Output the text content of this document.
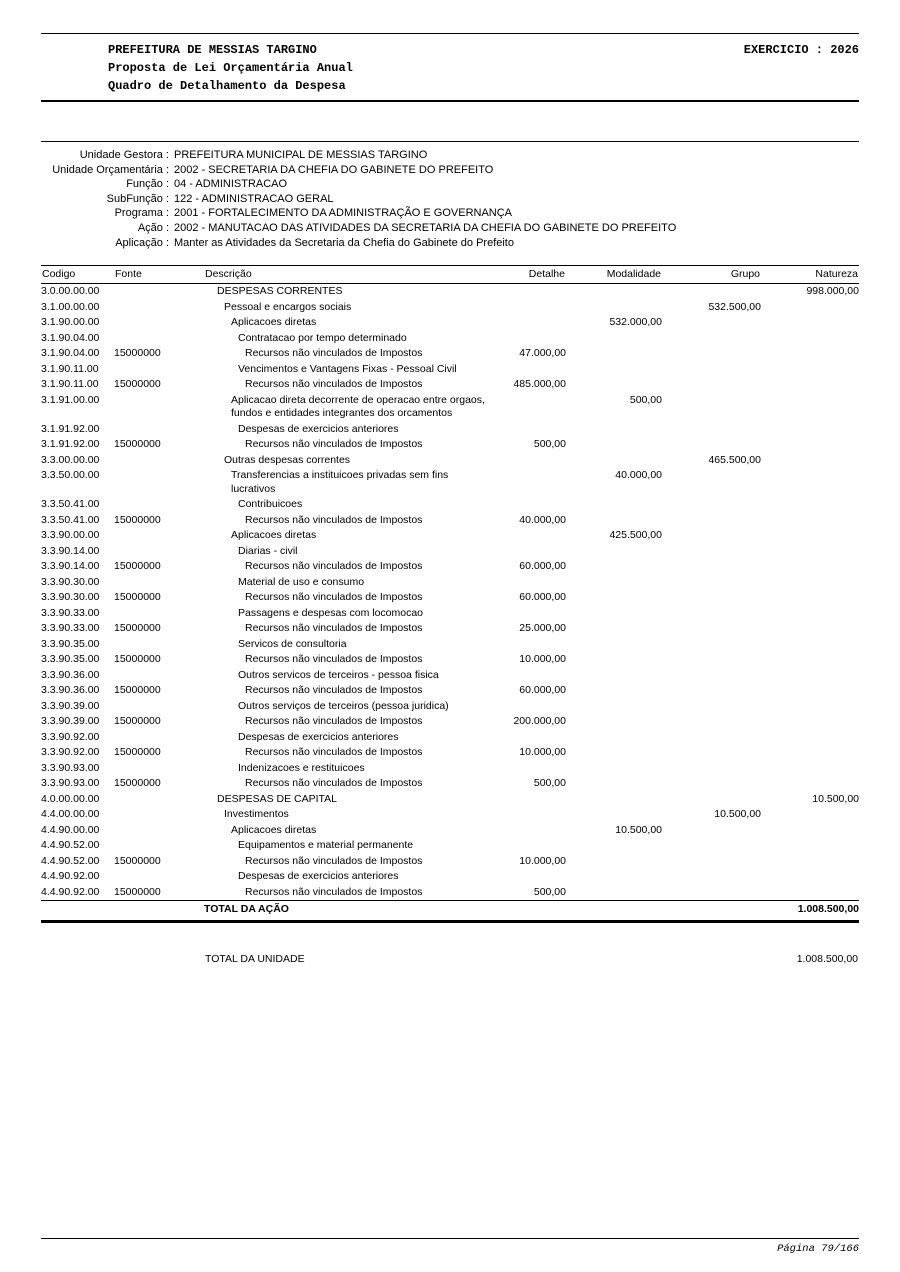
PREFEITURA DE MESSIAS TARGINO	EXERCICIO : 2026
Proposta de Lei Orçamentária Anual
Quadro de Detalhamento da Despesa
Unidade Gestora : PREFEITURA MUNICIPAL DE MESSIAS TARGINO
Unidade Orçamentária : 2002 - SECRETARIA DA CHEFIA DO GABINETE DO PREFEITO
Função : 04 - ADMINISTRACAO
SubFunção : 122 - ADMINISTRACAO GERAL
Programa : 2001 - FORTALECIMENTO DA ADMINISTRAÇÃO E GOVERNANÇA
Ação : 2002 - MANUTACAO DAS ATIVIDADES DA SECRETARIA DA CHEFIA DO GABINETE DO PREFEITO
Aplicação : Manter as Atividades da Secretaria da Chefia do Gabinete do Prefeito
Codigo	Fonte	Descrição	Detalhe	Modalidade	Grupo	Natureza
3.0.00.00.00		DESPESAS CORRENTES				998.000,00
3.1.00.00.00		Pessoal e encargos sociais			532.500,00	
3.1.90.00.00		Aplicacoes diretas		532.000,00		
3.1.90.04.00		Contratacao por tempo determinado				
3.1.90.04.00	15000000	Recursos não vinculados de Impostos	47.000,00			
3.1.90.11.00		Vencimentos e Vantagens Fixas - Pessoal Civil				
3.1.90.11.00	15000000	Recursos não vinculados de Impostos	485.000,00			
3.1.91.00.00		Aplicacao direta decorrente de operacao entre orgaos, fundos e entidades integrantes dos orcamentos		500,00		
3.1.91.92.00		Despesas de exercicios anteriores				
3.1.91.92.00	15000000	Recursos não vinculados de Impostos	500,00			
3.3.00.00.00		Outras despesas correntes			465.500,00	
3.3.50.00.00		Transferencias a instituicoes privadas sem fins lucrativos		40.000,00		
3.3.50.41.00		Contribuicoes				
3.3.50.41.00	15000000	Recursos não vinculados de Impostos	40.000,00			
3.3.90.00.00		Aplicacoes diretas		425.500,00		
3.3.90.14.00		Diarias - civil				
3.3.90.14.00	15000000	Recursos não vinculados de Impostos	60.000,00			
3.3.90.30.00		Material de uso e consumo				
3.3.90.30.00	15000000	Recursos não vinculados de Impostos	60.000,00			
3.3.90.33.00		Passagens e despesas com locomocao				
3.3.90.33.00	15000000	Recursos não vinculados de Impostos	25.000,00			
3.3.90.35.00		Servicos de consultoria				
3.3.90.35.00	15000000	Recursos não vinculados de Impostos	10.000,00			
3.3.90.36.00		Outros servicos de terceiros - pessoa fisica				
3.3.90.36.00	15000000	Recursos não vinculados de Impostos	60.000,00			
3.3.90.39.00		Outros serviços de terceiros (pessoa juridica)				
3.3.90.39.00	15000000	Recursos não vinculados de Impostos	200.000,00			
3.3.90.92.00		Despesas de exercicios anteriores				
3.3.90.92.00	15000000	Recursos não vinculados de Impostos	10.000,00			
3.3.90.93.00		Indenizacoes e restituicoes				
3.3.90.93.00	15000000	Recursos não vinculados de Impostos	500,00			
4.0.00.00.00		DESPESAS DE CAPITAL				10.500,00
4.4.00.00.00		Investimentos			10.500,00	
4.4.90.00.00		Aplicacoes diretas		10.500,00		
4.4.90.52.00		Equipamentos e material permanente				
4.4.90.52.00	15000000	Recursos não vinculados de Impostos	10.000,00			
4.4.90.92.00		Despesas de exercicios anteriores				
4.4.90.92.00	15000000	Recursos não vinculados de Impostos	500,00			
		TOTAL DA AÇÃO				1.008.500,00
TOTAL DA UNIDADE	1.008.500,00
Página 79/166
